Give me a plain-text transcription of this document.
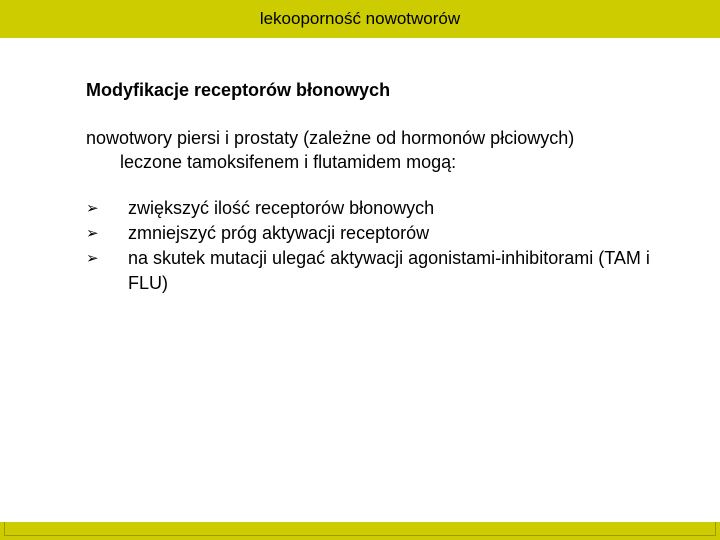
lekooporność nowotworów
Modyfikacje receptorów błonowych
nowotwory piersi i prostaty (zależne od hormonów płciowych)
leczone tamoksifenem i flutamidem mogą:
➢	zwiększyć ilość receptorów błonowych
➢	zmniejszyć próg aktywacji receptorów
➢	na skutek mutacji ulegać aktywacji agonistami-inhibitorami (TAM i FLU)
